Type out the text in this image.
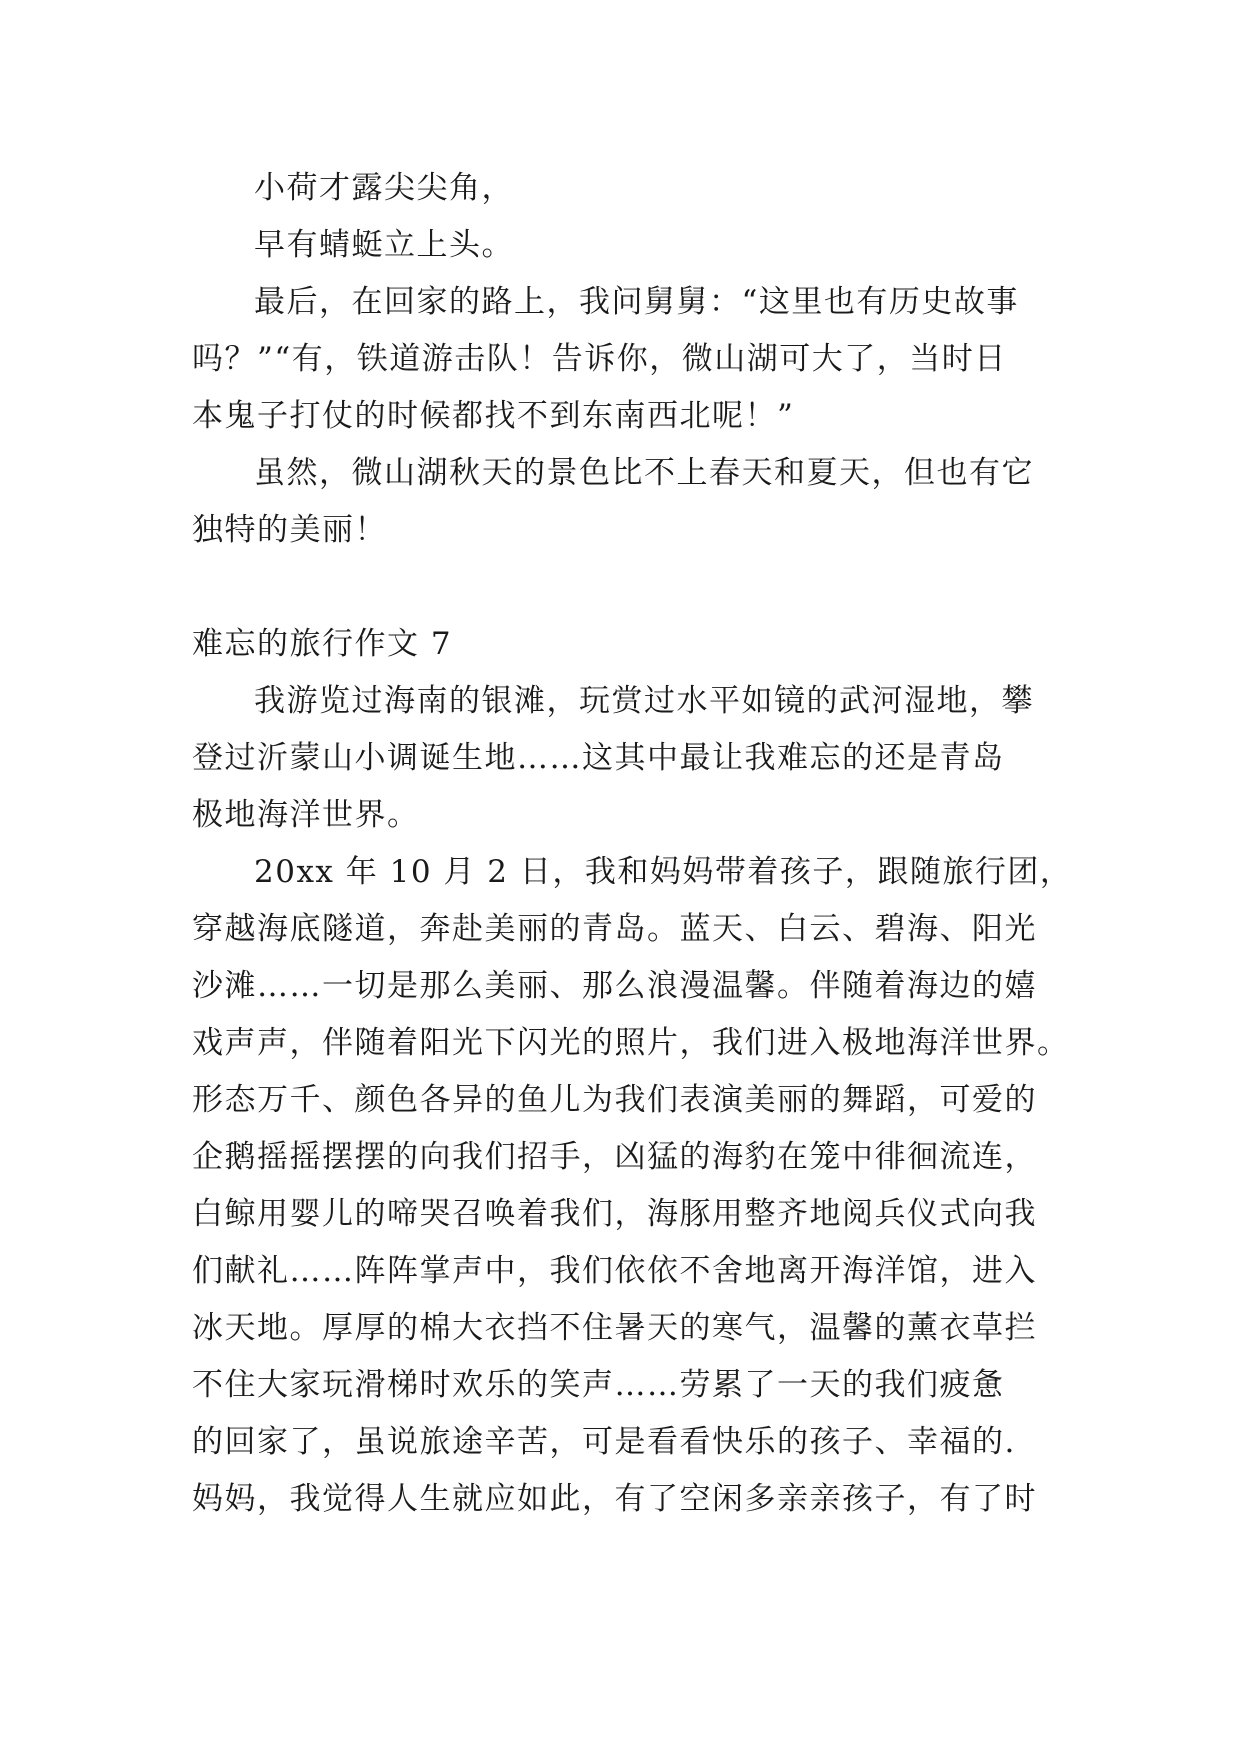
小荷才露尖尖角，

早有蜻蜓立上头。

最后，在回家的路上，我问舅舅：“这里也有历史故事
吗？”“有，铁道游击队！告诉你，微山湖可大了，当时日
本鬼子打仗的时候都找不到东南西北呢！”
虽然，微山湖秋天的景色比不上春天和夏天，但也有它
独特的美丽！

难忘的旅行作文 7

我游览过海南的银滩，玩赏过水平如镜的武河湿地，攀
登过沂蒙山小调诞生地……这其中最让我难忘的还是青岛
极地海洋世界。
20xx 年 10 月 2 日，我和妈妈带着孩子，跟随旅行团，
穿越海底隧道，奔赴美丽的青岛。蓝天、白云、碧海、阳光
沙滩……一切是那么美丽、那么浪漫温馨。伴随着海边的嬉
戏声声，伴随着阳光下闪光的照片，我们进入极地海洋世界。
形态万千、颜色各异的鱼儿为我们表演美丽的舞蹈，可爱的
企鹅摇摇摆摆的向我们招手，凶猛的海豹在笼中徘徊流连，
白鲸用婴儿的啼哭召唤着我们，海豚用整齐地阅兵仪式向我
们献礼……阵阵掌声中，我们依依不舍地离开海洋馆，进入
冰天地。厚厚的棉大衣挡不住暑天的寒气，温馨的薰衣草拦
不住大家玩滑梯时欢乐的笑声……劳累了一天的我们疲惫
的回家了，虽说旅途辛苦，可是看看快乐的孩子、幸福的.
妈妈，我觉得人生就应如此，有了空闲多亲亲孩子，有了时
